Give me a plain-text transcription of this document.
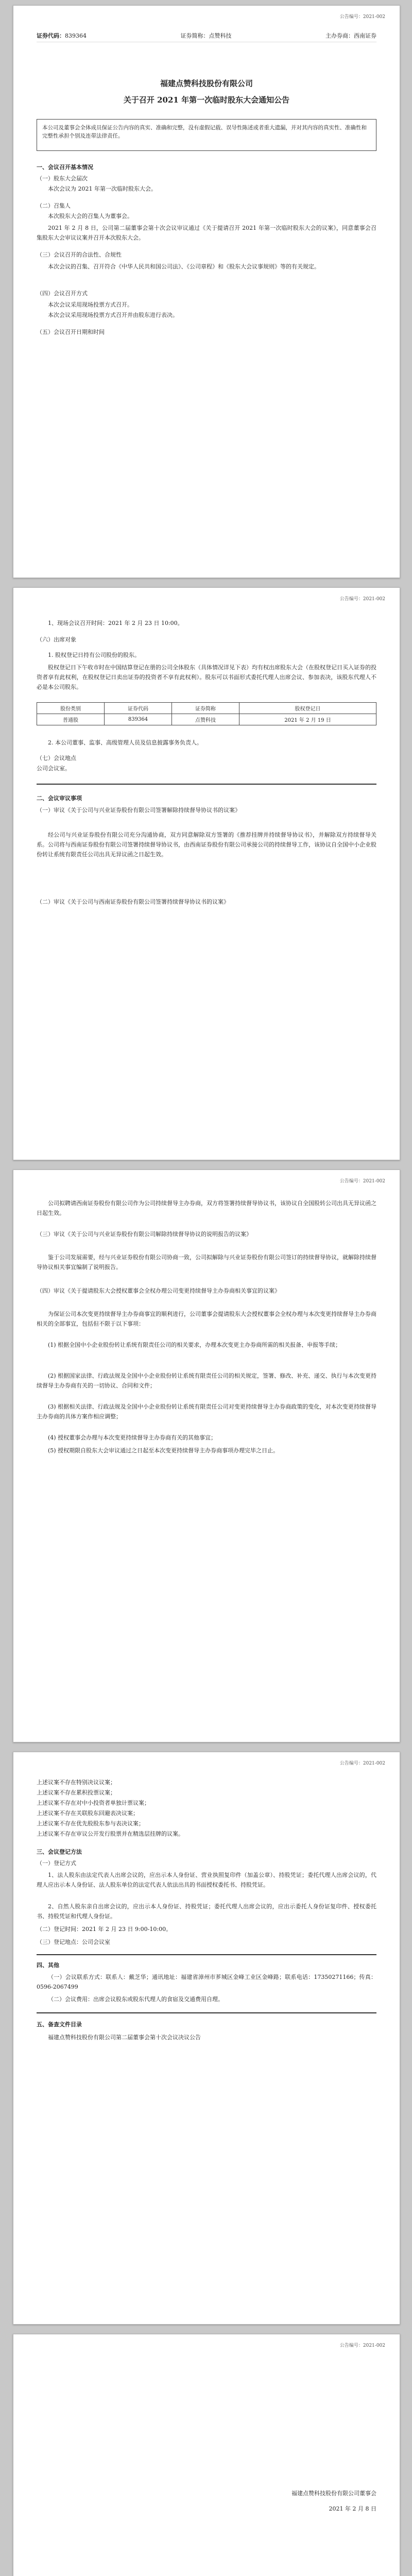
公告编号：2021-002
证券代码：839364	证券简称：点赞科技	主办券商：西南证券
福建点赞科技股份有限公司
关于召开 2021 年第一次临时股东大会通知公告
本公司及董事会全体成员保证公告内容的真实、准确和完整，没有虚假记载、误导性陈述或者重大遗漏，并对其内容的真实性、准确性和完整性承担个别及连带法律责任。
一、会议召开基本情况
（一）股东大会届次
本次会议为 2021 年第一次临时股东大会。
（二）召集人
本次股东大会的召集人为董事会。
2021 年 2 月 8 日，公司第二届董事会第十次会议审议通过《关于提请召开 2021 年第一次临时股东大会的议案》，同意董事会召集股东大会审议议案并召开本次股东大会。
（三）会议召开的合法性、合规性
本次会议的召集、召开符合《中华人民共和国公司法》、《公司章程》和《股东大会议事规则》等的有关规定。
（四）会议召开方式
本次会议采用现场投票方式召开。
本次会议采用现场投票方式召开并由股东进行表决。
（五）会议召开日期和时间
公告编号：2021-002
1、现场会议召开时间：2021 年 2 月 23 日 10:00。
（六）出席对象
1. 股权登记日持有公司股份的股东。
股权登记日下午收市时在中国结算登记在册的公司全体股东（具体情况详见下表）均有权出席股东大会（在股权登记日买入证券的投资者享有此权利，在股权登记日卖出证券的投资者不享有此权利）。股东可以书面形式委托代理人出席会议、参加表决，该股东代理人不必是本公司股东。
股份类别	证券代码	证券简称	股权登记日
普通股	839364	点赞科技	2021 年 2 月 19 日
2. 本公司董事、监事、高级管理人员及信息披露事务负责人。
（七）会议地点
公司会议室。
二、会议审议事项
（一）审议《关于公司与兴业证券股份有限公司签署解除持续督导协议书的议案》
经公司与兴业证券股份有限公司充分沟通协商，双方同意解除双方签署的《推荐挂牌并持续督导协议书》，并解除双方持续督导关系。公司将与西南证券股份有限公司签署持续督导协议书，由西南证券股份有限公司承接公司的持续督导工作，该协议自全国中小企业股份转让系统有限责任公司出具无异议函之日起生效。
（二）审议《关于公司与西南证券股份有限公司签署持续督导协议书的议案》
公告编号：2021-002
公司拟聘请西南证券股份有限公司作为公司持续督导主办券商，双方将签署持续督导协议书，该协议自全国股转公司出具无异议函之日起生效。
（三）审议《关于公司与兴业证券股份有限公司解除持续督导协议的说明报告的议案》
鉴于公司发展需要，经与兴业证券股份有限公司协商一致，公司拟解除与兴业证券股份有限公司签订的持续督导协议，就解除持续督导协议相关事宜编制了说明报告。
（四）审议《关于提请股东大会授权董事会全权办理公司变更持续督导主办券商相关事宜的议案》
为保证公司本次变更持续督导主办券商事宜的顺利进行，公司董事会提请股东大会授权董事会全权办理与本次变更持续督导主办券商相关的全部事宜，包括但不限于以下事项：
(1) 根据全国中小企业股份转让系统有限责任公司的相关要求，办理本次变更主办券商所需的相关报备、申报等手续；
(2) 根据国家法律、行政法规及全国中小企业股份转让系统有限责任公司的相关规定，签署、修改、补充、递交、执行与本次变更持续督导主办券商有关的一切协议、合同和文件；
(3) 根据相关法律、行政法规及全国中小企业股份转让系统有限责任公司对变更持续督导主办券商政策的变化，对本次变更持续督导主办券商的具体方案作相应调整；
(4) 授权董事会办理与本次变更持续督导主办券商有关的其他事宜；
(5) 授权期限自股东大会审议通过之日起至本次变更持续督导主办券商事项办理完毕之日止。
公告编号：2021-002
上述议案不存在特别决议议案；
上述议案不存在累积投票议案；
上述议案不存在对中小投资者单独计票议案；
上述议案不存在关联股东回避表决议案；
上述议案不存在优先股股东参与表决议案；
上述议案不存在审议公开发行股票并在精选层挂牌的议案。
三、会议登记方法
（一）登记方式
1、法人股东由法定代表人出席会议的，应出示本人身份证、营业执照复印件（加盖公章）、持股凭证；委托代理人出席会议的，代理人应出示本人身份证、法人股东单位的法定代表人依法出具的书面授权委托书、持股凭证。
2、自然人股东亲自出席会议的，应出示本人身份证、持股凭证；委托代理人出席会议的，应出示委托人身份证复印件、授权委托书、持股凭证和代理人身份证。
（二）登记时间：2021 年 2 月 23 日 9:00-10:00。
（三）登记地点：公司会议室
四、其他
（一）会议联系方式：联系人：戴芝华；通讯地址：福建省漳州市芗城区金峰工业区金峰路；联系电话：17350271166；传真：0596-2067499
（二）会议费用：出席会议股东或股东代理人的食宿及交通费用自理。
五、备查文件目录
福建点赞科技股份有限公司第二届董事会第十次会议决议公告
公告编号：2021-002
福建点赞科技股份有限公司董事会
2021 年 2 月 8 日
